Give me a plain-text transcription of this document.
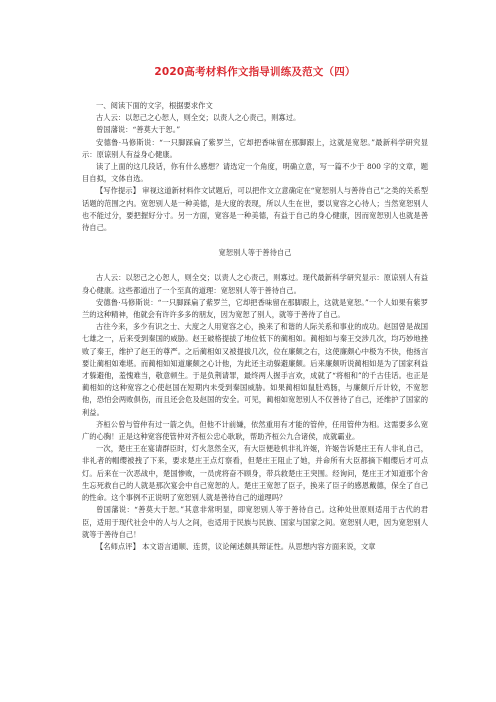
2020高考材料作文指导训练及范文（四）

一、阅读下面的文字，根据要求作文

古人云：以恕己之心恕人，则全交；以责人之心责己，则寡过。

曾国藩说：“善莫大于恕。”

安德鲁·马修斯说：“一只脚踩扁了紫罗兰，它却把香味留在那脚跟上，这就是宽恕。”最新科学研究显示：原谅别人有益身心健康。

读了上面的这几段话，你有什么感想？请选定一个角度，明确立意，写一篇不少于 800 字的文章，题目自拟，文体自选。

【写作提示】 审视这道新材料作文试题后，可以把作文立意确定在“宽恕别人与善待自己”之类的关系型话题的范围之内。宽恕别人是一种美德，是大度的表现，所以人生在世，要以宽容之心待人；当然宽恕别人也不能过分，要把握好分寸。另一方面，宽容是一种美德，有益于自己的身心健康，因而宽恕别人也就是善待自己。

宽恕别人等于善待自己

古人云：以恕己之心恕人，则全交；以责人之心责己，则寡过。现代最新科学研究显示：原谅别人有益身心健康。这些都道出了一个至真的道理：宽恕别人等于善待自己。

安德鲁·马修斯说：“一只脚踩扁了紫罗兰，它却把香味留在那脚跟上，这就是宽恕。”一个人如果有紫罗兰的这种精神，他就会有许许多多的朋友，因为宽恕了别人，就等于善待了自己。

古往今来，多少有识之士、大度之人用宽容之心，换来了和谐的人际关系和事业的成功。赵国曾是战国七雄之一，后来受到秦国的威胁。赵王破格提拔了地位低下的蔺相如。蔺相如与秦王交涉几次，均巧妙地挫败了秦王，维护了赵王的尊严。之后蔺相如又被提拔几次，位在廉颇之右，这使廉颇心中极为不快，他扬言要让蔺相如难堪。而蔺相如知道廉颇之心计他，为此还主动躲避廉颇。后来廉颇听说蔺相如是为了国家利益才躲避他，羞愧难当，敬意顿生。于是负荆请罪，最终两人握手言欢，成就了“将相和”的千古佳话。也正是蔺相如的这种宽容之心使赵国在短期内未受到秦国威胁。如果蔺相如鼠肚鸡肠，与廉颇斤斤计较，不宽恕他，恐怕会两败俱伤，而且还会危及赵国的安全。可见，蔺相如宽恕别人不仅善待了自己，还维护了国家的利益。

齐桓公曾与管仲有过一箭之仇，但他不计前嫌，依然重用有才能的管仲，任用管仲为相。这需要多么宽广的心胸！正是这种宽容使管仲对齐桓公忠心耿耿，帮助齐桓公九合诸侯，成就霸业。

一次，楚庄王在宴请群臣时，灯火忽然全灭，有大臣便趁机非礼许姬，许姬告诉楚庄王有人非礼自己，非礼者的帽缨被拽了下来，要求楚庄王点灯察看，但楚庄王阻止了她，并命所有大臣都摘下帽缨后才可点灯。后来在一次恶战中，楚国惨败，一员虎将奋不顾身，带兵救楚庄王突围。经询问，楚庄王才知道那个舍生忘死救自己的人就是那次宴会中自己宽恕的人。楚庄王宽恕了臣子，换来了臣子的感恩戴德，保全了自己的性命。这个事例不正说明了宽恕别人就是善待自己的道理吗？

曾国藩说：“善莫大于恕。”其意非常明显，即宽恕别人等于善待自己。这种处世原则适用于古代的君臣，适用于现代社会中的人与人之间，也适用于民族与民族、国家与国家之间。宽恕别人吧，因为宽恕别人就等于善待自己！

【名师点评】 本文语言通顺、连贯，议论阐述颇具辩证性。从思想内容方面来说，文章
